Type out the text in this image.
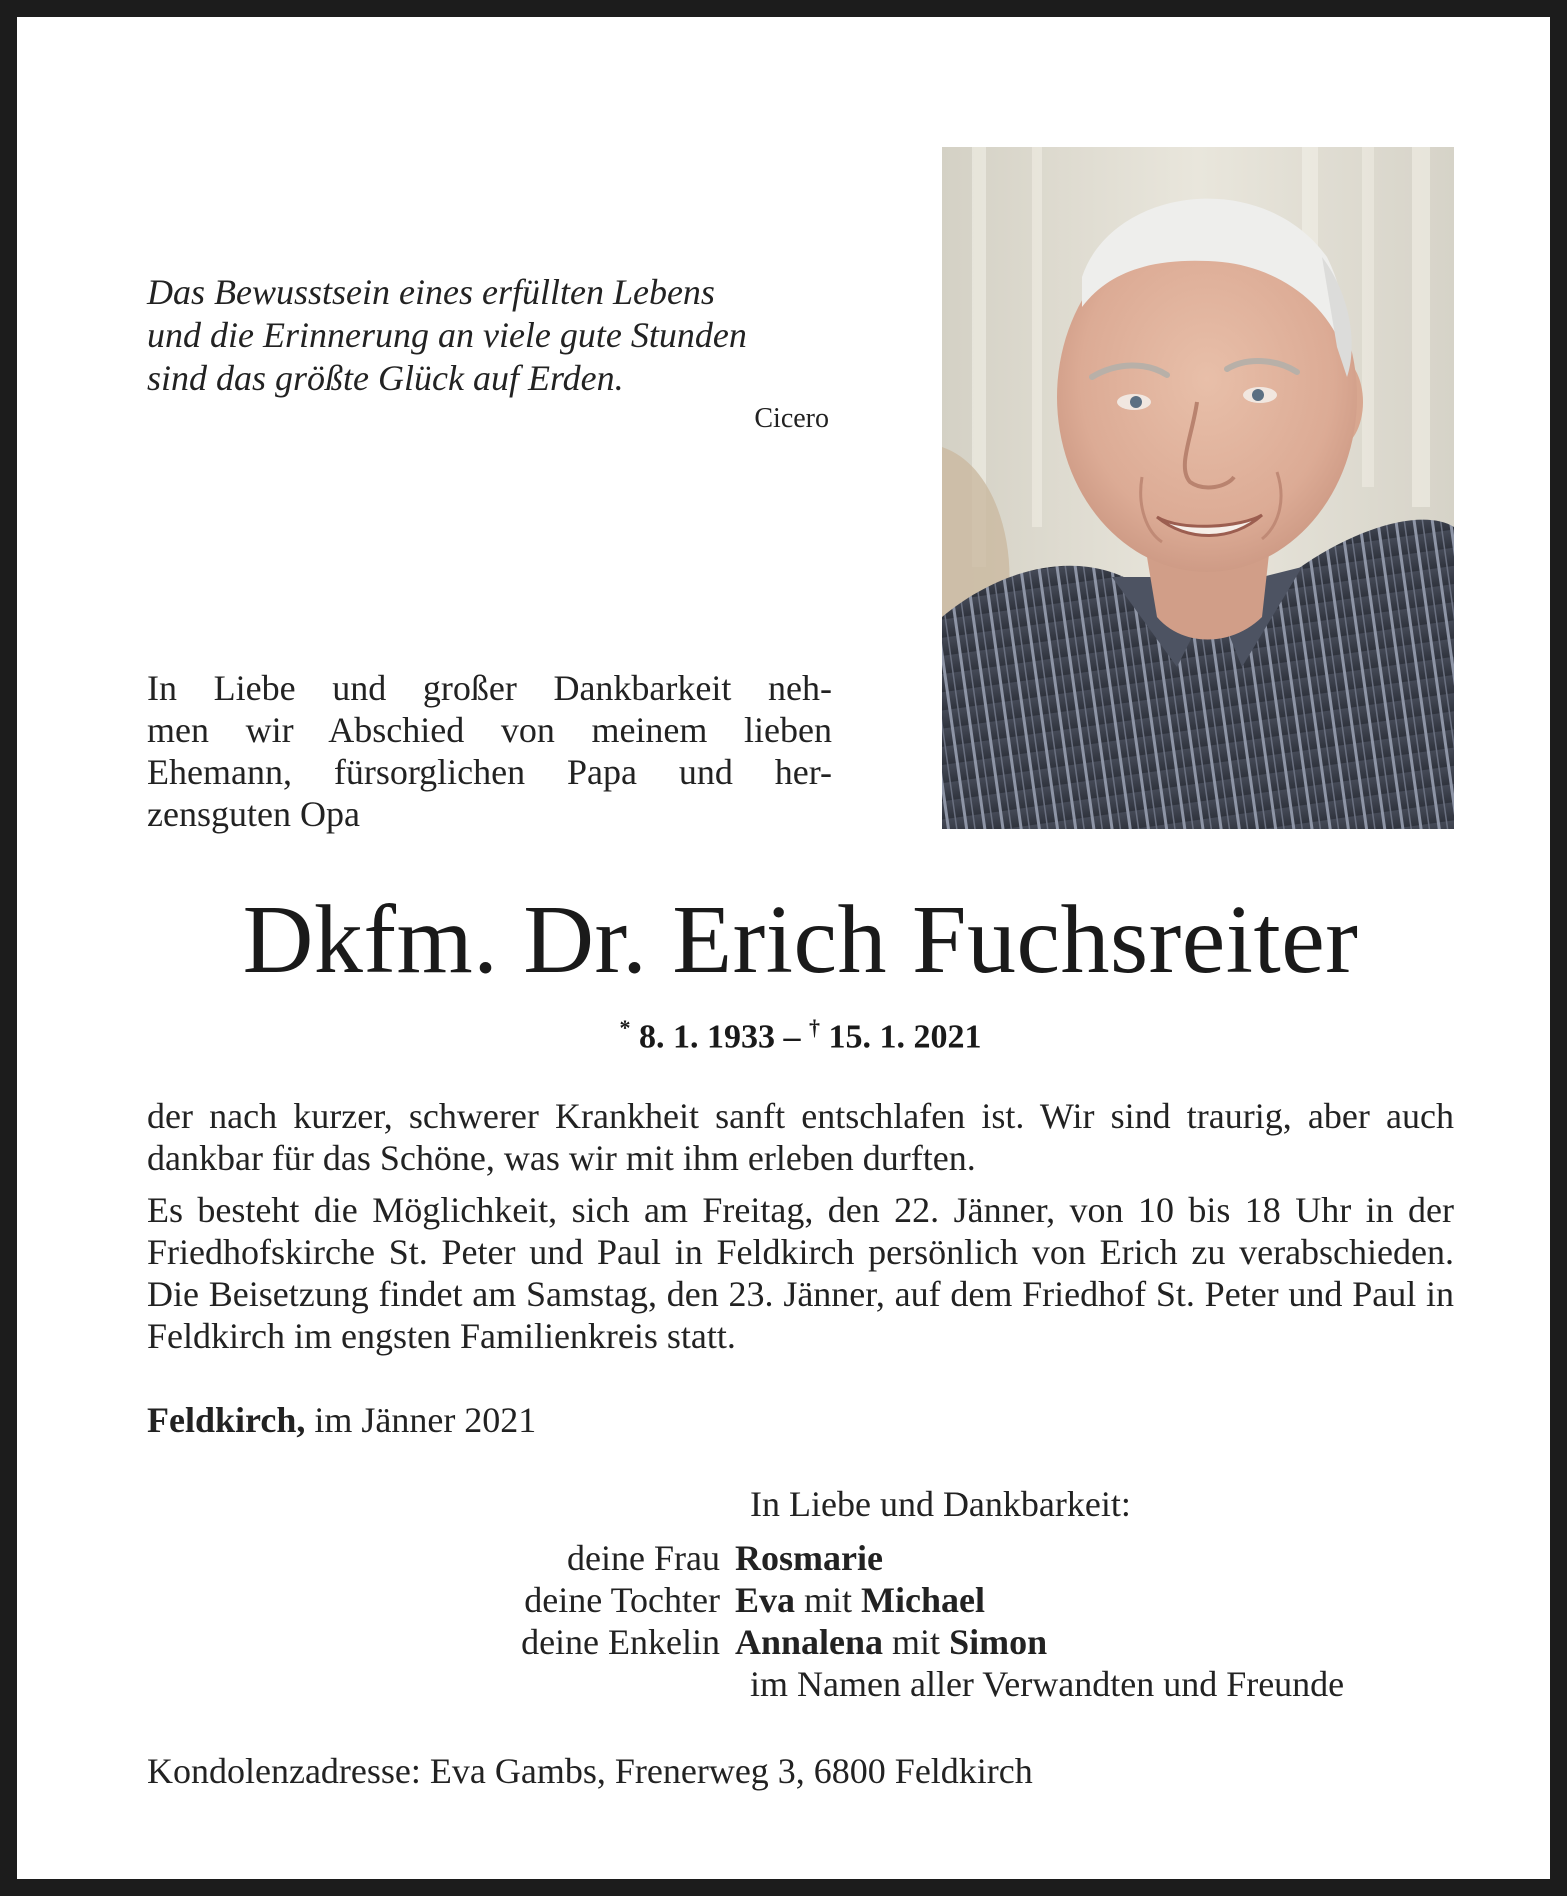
Das Bewusstsein eines erfüllten Lebens
und die Erinnerung an viele gute Stunden
sind das größte Glück auf Erden.
Cicero
In Liebe und großer Dankbarkeit neh-
men wir Abschied von meinem lieben
Ehemann, fürsorglichen Papa und her-
zensguten Opa
Dkfm. Dr. Erich Fuchsreiter
* 8. 1. 1933 – † 15. 1. 2021

der nach kurzer, schwerer Krankheit sanft entschlafen ist. Wir sind traurig, aber auch dankbar für das Schöne, was wir mit ihm erleben durften.

Es besteht die Möglichkeit, sich am Freitag, den 22. Jänner, von 10 bis 18 Uhr in der Friedhofskirche St. Peter und Paul in Feldkirch persönlich von Erich zu verabschieden. Die Beisetzung findet am Samstag, den 23. Jänner, auf dem Friedhof St. Peter und Paul in Feldkirch im engsten Familienkreis statt.

Feldkirch, im Jänner 2021
In Liebe und Dankbarkeit:
deine Frau Rosmarie
deine Tochter Eva mit Michael
deine Enkelin Annalena mit Simon
im Namen aller Verwandten und Freunde
Kondolenzadresse: Eva Gambs, Frenerweg 3, 6800 Feldkirch
